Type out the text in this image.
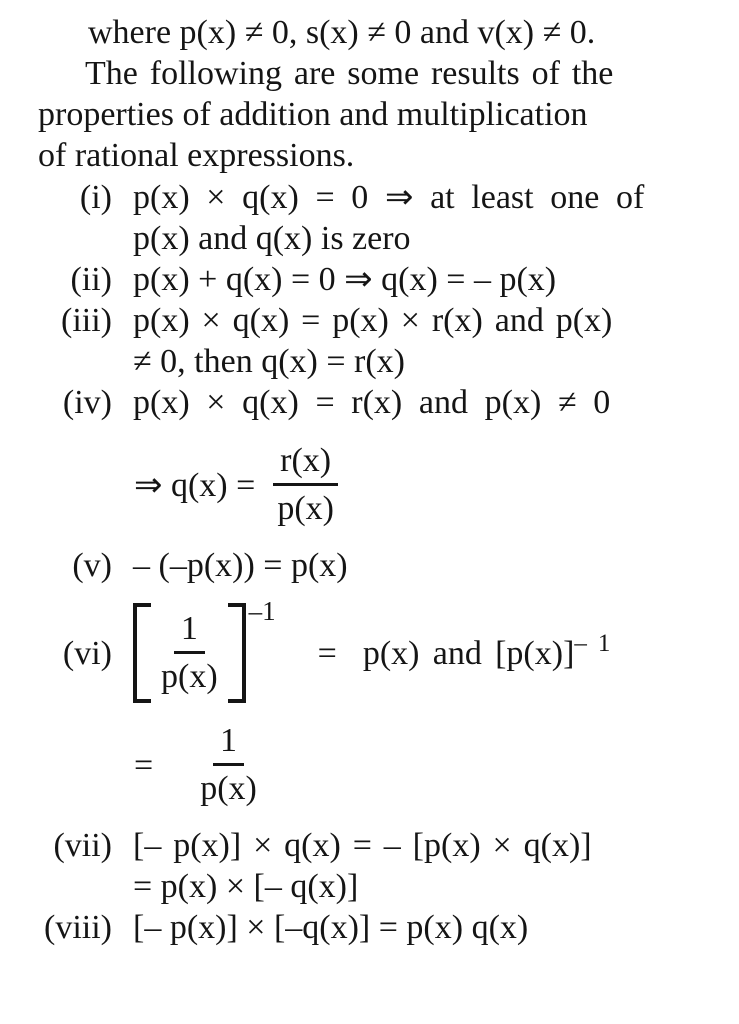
where p(x) ≠ 0, s(x) ≠ 0 and v(x) ≠ 0.
The following are some results of the
properties of addition and multiplication
of rational expressions.
(i) p(x) × q(x) = 0 ⇒ at least one of
p(x) and q(x) is zero
(ii) p(x) + q(x) = 0 ⇒ q(x) = – p(x)
(iii) p(x) × q(x) = p(x) × r(x) and p(x)
≠ 0, then q(x) = r(x)
(iv) p(x) × q(x) = r(x) and p(x) ≠ 0
⇒ $q(x) = \frac{r(x)}{p(x)}$
(v) – (–p(x)) = p(x)
$(vi) \frac{1}{p(x)} -1$
= p(x) and $[p(x)]^{- 1}$
= $\frac{1}{p(x)}$
(vii) [– p(x)] × q(x) = – [p(x) × q(x)]
= p(x) × [– q(x)]
(viii) [– p(x)] × [–q(x)] = p(x) q(x)
